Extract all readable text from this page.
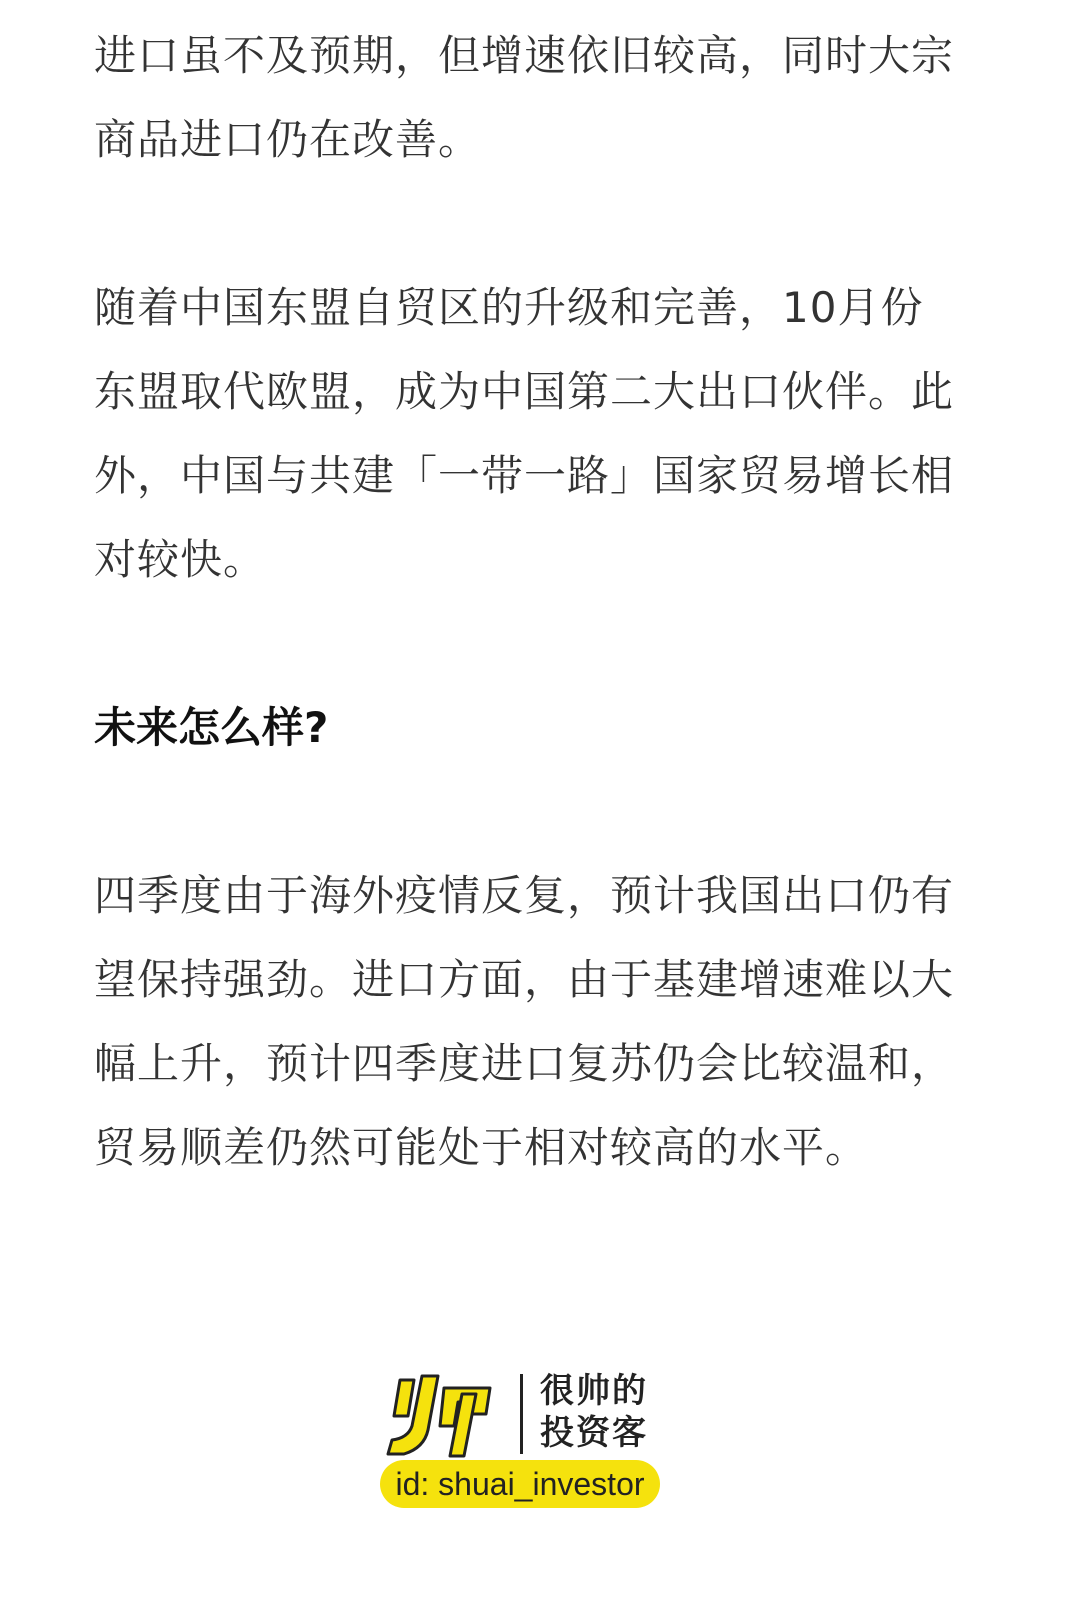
进口虽不及预期，但增速依旧较高，同时大宗商品进口仍在改善。

随着中国东盟自贸区的升级和完善，10月份东盟取代欧盟，成为中国第二大出口伙伴。此外，中国与共建「一带一路」国家贸易增长相对较快。

未来怎么样?

四季度由于海外疫情反复，预计我国出口仍有望保持强劲。进口方面，由于基建增速难以大幅上升，预计四季度进口复苏仍会比较温和，贸易顺差仍然可能处于相对较高的水平。

很帅的
投资客
id: shuai_investor
